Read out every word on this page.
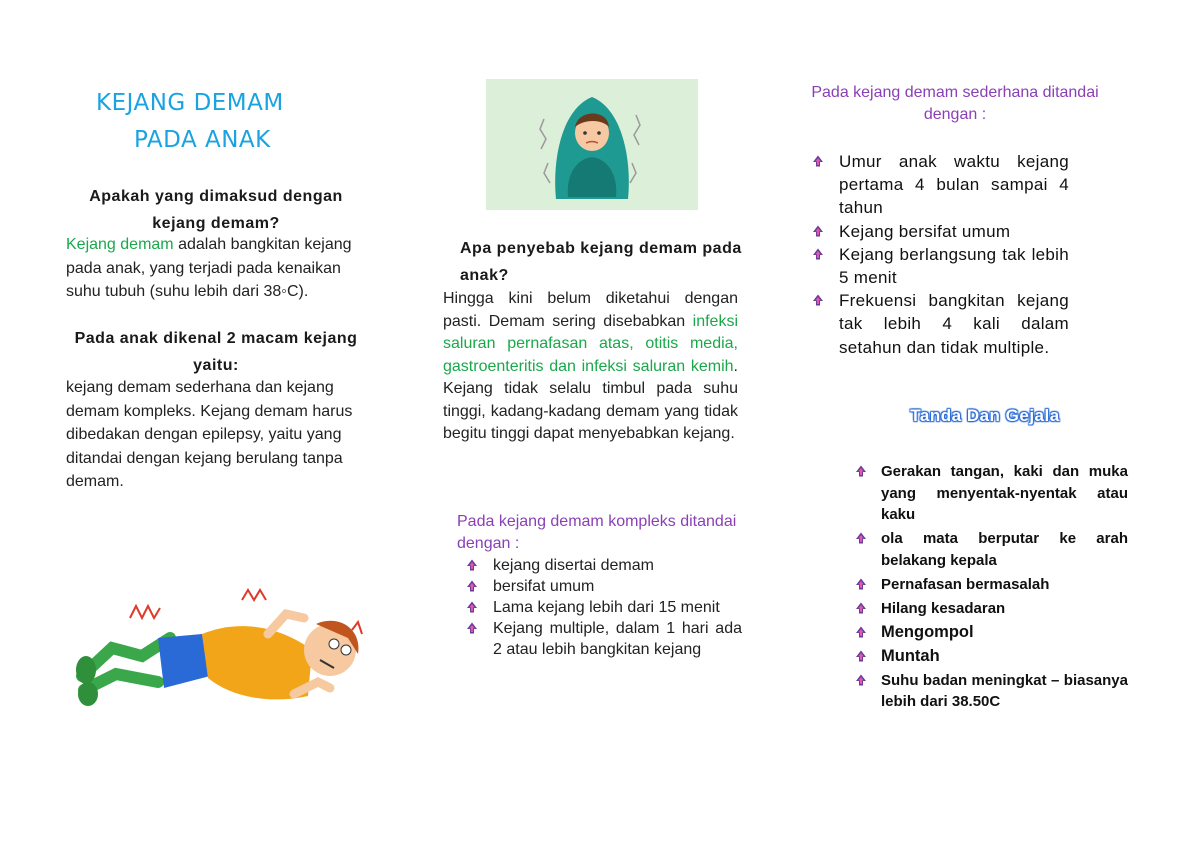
KEJANG DEMAM
PADA ANAK
Apakah yang dimaksud dengan kejang demam?
Kejang demam adalah bangkitan kejang pada anak, yang terjadi pada kenaikan suhu tubuh (suhu lebih dari 38◦C).
Pada anak dikenal 2 macam kejang yaitu:
kejang demam sederhana dan kejang demam kompleks. Kejang demam harus dibedakan dengan epilepsy, yaitu yang ditandai dengan kejang berulang tanpa demam.
Apa penyebab kejang demam pada anak?
Hingga kini belum diketahui dengan pasti. Demam sering disebabkan infeksi saluran pernafasan atas, otitis media, gastroenteritis dan infeksi saluran kemih. Kejang tidak selalu timbul pada suhu tinggi, kadang-kadang demam yang tidak begitu tinggi dapat menyebabkan kejang.
Pada kejang demam kompleks ditandai dengan :
kejang disertai demam
bersifat umum
Lama kejang lebih dari 15 menit
Kejang multiple, dalam 1 hari ada 2 atau lebih bangkitan kejang
Pada kejang demam sederhana ditandai dengan :
Umur anak waktu kejang pertama 4 bulan sampai 4 tahun
Kejang bersifat umum
Kejang berlangsung tak lebih 5 menit
Frekuensi bangkitan kejang tak lebih 4 kali dalam setahun dan tidak multiple.
Tanda Dan Gejala
Gerakan tangan, kaki dan muka yang menyentak-nyentak atau kaku
ola mata berputar ke arah belakang kepala
Pernafasan bermasalah
Hilang kesadaran
Mengompol
Muntah
Suhu badan meningkat – biasanya lebih dari 38.50C
